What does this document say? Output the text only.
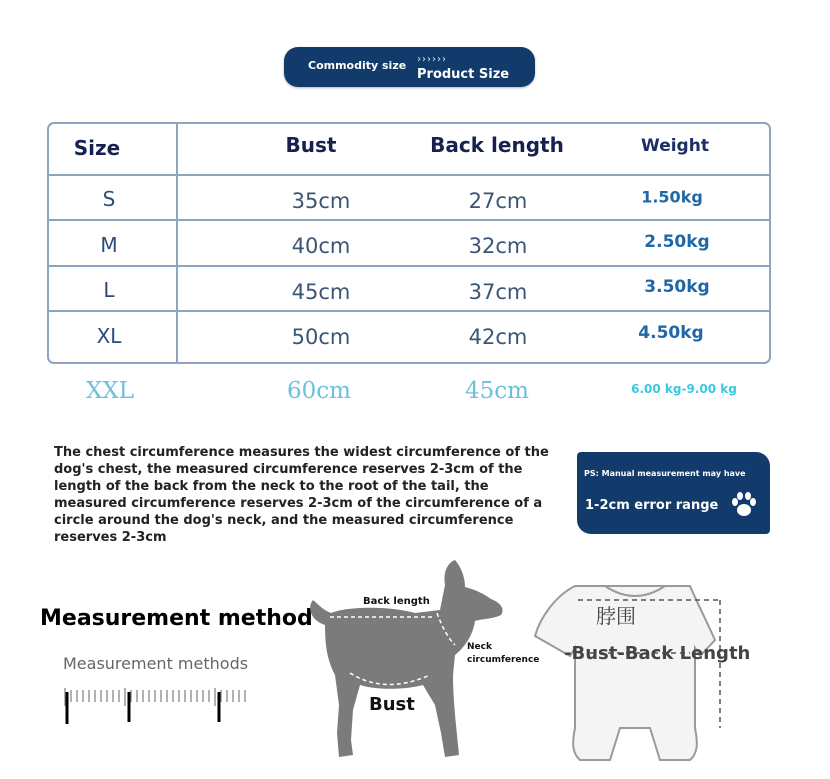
Commodity size ››››››
Product Size
Size	Bust	Back length	Weight
S	35cm	27cm	1.50kg
M	40cm	32cm	2.50kg
L	45cm	37cm	3.50kg
XL	50cm	42cm	4.50kg
XXL	60cm	45cm	6.00 kg-9.00 kg
The chest circumference measures the widest circumference of the dog's chest, the measured circumference reserves 2-3cm of the length of the back from the neck to the root of the tail, the measured circumference reserves 2-3cm of the circumference of a circle around the dog's neck, and the measured circumference reserves 2-3cm
PS: Manual measurement may have
1-2cm error range
Measurement method
Measurement methods
Back length
Neck
circumference
Bust
脖围
-Bust-Back Length
